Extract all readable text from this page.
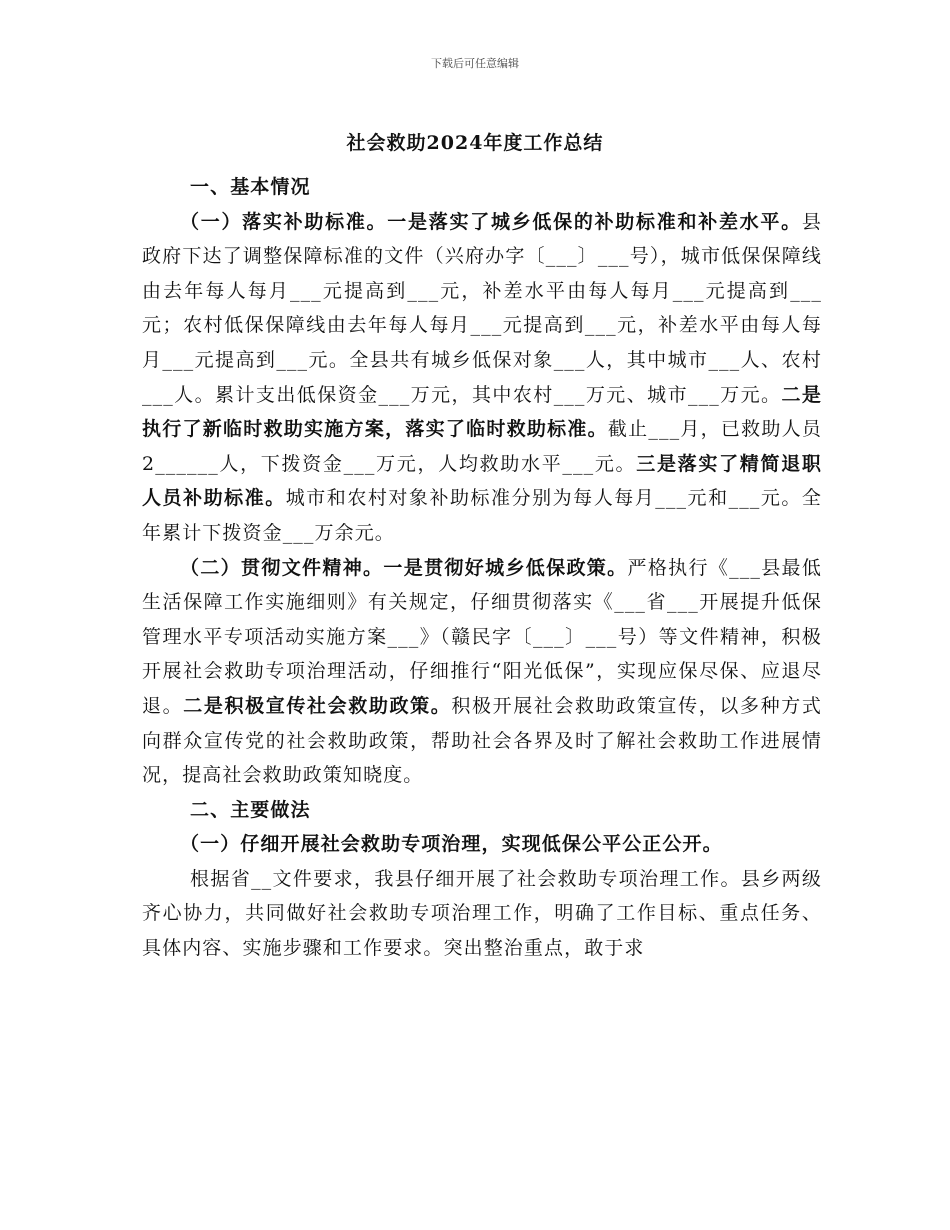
下载后可任意编辑
社会救助2024年度工作总结

一、基本情况

（一）落实补助标准。一是落实了城乡低保的补助标准和补差水平。县政府下达了调整保障标准的文件（兴府办字〔___〕___号），城市低保保障线由去年每人每月___元提高到___元，补差水平由每人每月___元提高到___元；农村低保保障线由去年每人每月___元提高到___元，补差水平由每人每月___元提高到___元。全县共有城乡低保对象___人，其中城市___人、农村___人。累计支出低保资金___万元，其中农村___万元、城市___万元。二是执行了新临时救助实施方案，落实了临时救助标准。截止___月，已救助人员2______人，下拨资金___万元，人均救助水平___元。三是落实了精简退职人员补助标准。城市和农村对象补助标准分别为每人每月___元和___元。全年累计下拨资金___万余元。

（二）贯彻文件精神。一是贯彻好城乡低保政策。严格执行《___县最低生活保障工作实施细则》有关规定，仔细贯彻落实《___省___开展提升低保管理水平专项活动实施方案___》（赣民字〔___〕___号）等文件精神，积极开展社会救助专项治理活动，仔细推行“阳光低保”，实现应保尽保、应退尽退。二是积极宣传社会救助政策。积极开展社会救助政策宣传，以多种方式向群众宣传党的社会救助政策，帮助社会各界及时了解社会救助工作进展情况，提高社会救助政策知晓度。

二、主要做法

（一）仔细开展社会救助专项治理，实现低保公平公正公开。

根据省__文件要求，我县仔细开展了社会救助专项治理工作。县乡两级齐心协力，共同做好社会救助专项治理工作，明确了工作目标、重点任务、具体内容、实施步骤和工作要求。突出整治重点，敢于求
